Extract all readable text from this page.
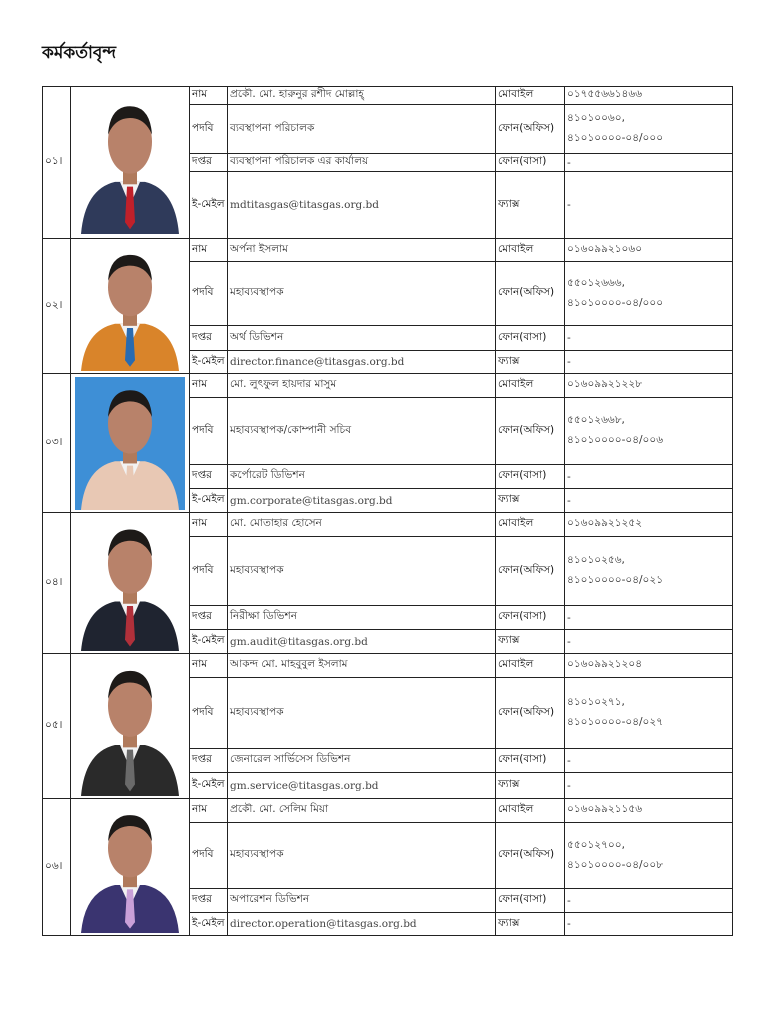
কর্মকর্তাবৃন্দ
০১।		নাম	প্রকৌ. মো. হারুনুর রশীদ মোল্লাহ্	মোবাইল	০১৭৫৫৬৬১৪৬৬
		পদবি	ব্যবস্থাপনা পরিচালক	ফোন(অফিস)	৪১০১০০৬০,
৪১০১০০০০-০৪/০০০

		দপ্তর	ব্যবস্থাপনা পরিচালক এর কার্যালয়	ফোন(বাসা)	-
		ই-মেইল	mdtitasgas@titasgas.org.bd	ফ্যাক্স	-
০২।		নাম	অর্পনা ইসলাম	মোবাইল	০১৬০৯৯২১০৬০
		পদবি	মহাব্যবস্থাপক	ফোন(অফিস)	৫৫০১২৬৬৬,
৪১০১০০০০-০৪/০০০

		দপ্তর	অর্থ ডিভিশন	ফোন(বাসা)	-
		ই-মেইল	director.finance@titasgas.org.bd	ফ্যাক্স	-
০৩।		নাম	মো. লুৎফুল হায়দার মাসুম	মোবাইল	০১৬০৯৯২১২২৮
		পদবি	মহাব্যবস্থাপক/কোম্পানী সচিব	ফোন(অফিস)	৫৫০১২৬৬৮,
৪১০১০০০০-০৪/০০৬

		দপ্তর	কর্পোরেট ডিভিশন	ফোন(বাসা)	-
		ই-মেইল	gm.corporate@titasgas.org.bd	ফ্যাক্স	-
০৪।		নাম	মো. মোতাহার হোসেন	মোবাইল	০১৬০৯৯২১২৫২
		পদবি	মহাব্যবস্থাপক	ফোন(অফিস)	৪১০১০২৫৬,
৪১০১০০০০-০৪/০২১

		দপ্তর	নিরীক্ষা ডিভিশন	ফোন(বাসা)	-
		ই-মেইল	gm.audit@titasgas.org.bd	ফ্যাক্স	-
০৫।		নাম	আকন্দ মো. মাহবুবুল ইসলাম	মোবাইল	০১৬০৯৯২১২০৪
		পদবি	মহাব্যবস্থাপক	ফোন(অফিস)	৪১০১০২৭১,
৪১০১০০০০-০৪/০২৭

		দপ্তর	জেনারেল সার্ভিসেস ডিভিশন	ফোন(বাসা)	-
		ই-মেইল	gm.service@titasgas.org.bd	ফ্যাক্স	-
০৬।		নাম	প্রকৌ. মো. সেলিম মিয়া	মোবাইল	০১৬০৯৯২১১৫৬
		পদবি	মহাব্যবস্থাপক	ফোন(অফিস)	৫৫০১২৭০০,
৪১০১০০০০-০৪/০০৮

		দপ্তর	অপারেশন ডিভিশন	ফোন(বাসা)	-
		ই-মেইল	director.operation@titasgas.org.bd	ফ্যাক্স	-
